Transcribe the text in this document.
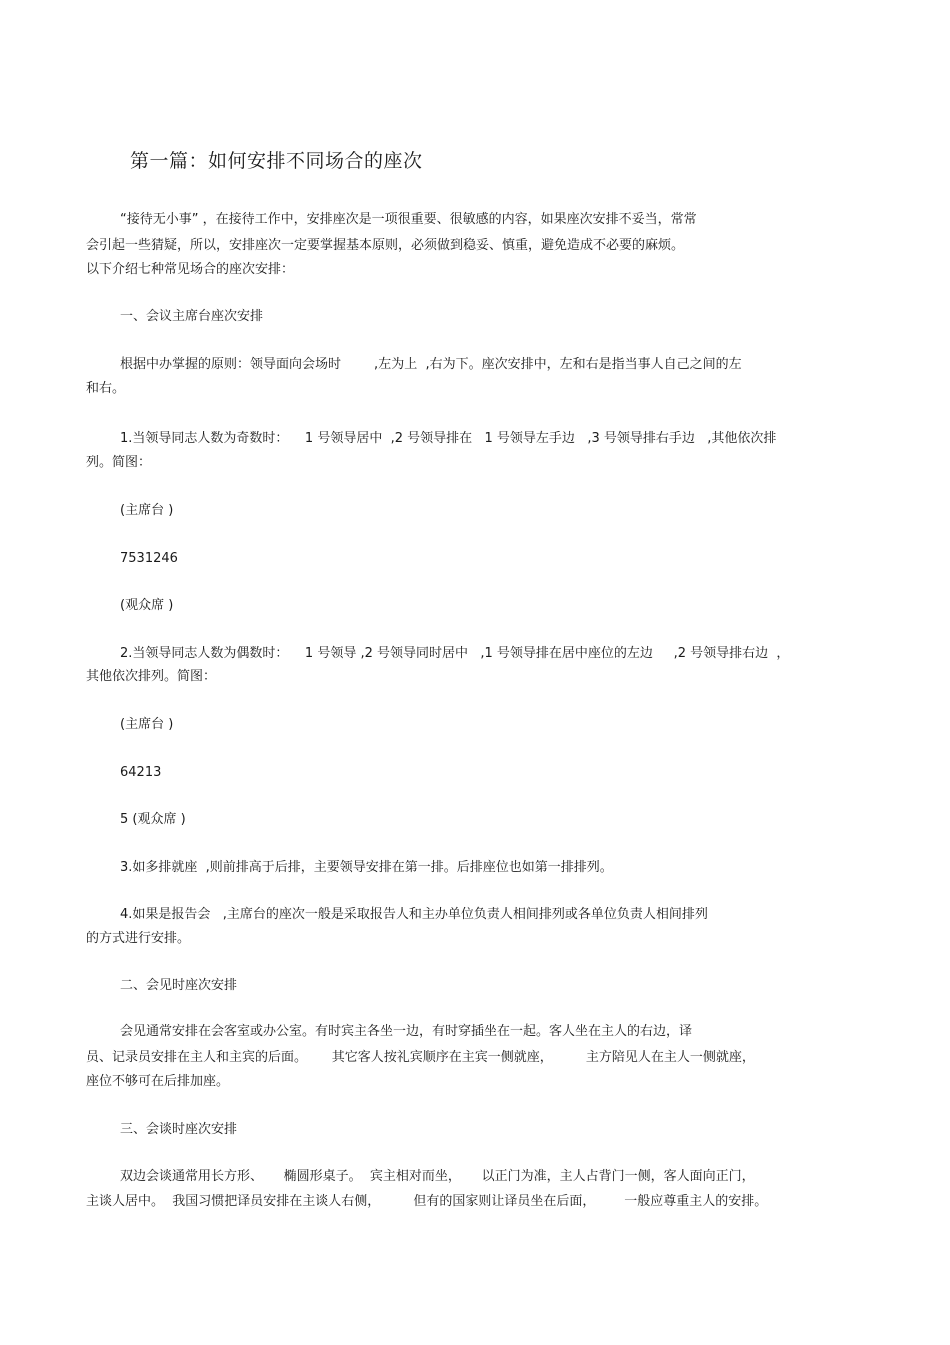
第一篇：如何安排不同场合的座次
“接待无小事” ，在接待工作中，安排座次是一项很重要、很敏感的内容，如果座次安排不妥当，常常
会引起一些猜疑，所以，安排座次一定要掌握基本原则，必须做到稳妥、慎重，避免造成不必要的麻烦。
以下介绍七种常见场合的座次安排：
一、会议主席台座次安排
根据中办掌握的原则：领导面向会场时        ,左为上  ,右为下。座次安排中，左和右是指当事人自己之间的左
和右。
1.当领导同志人数为奇数时：    1 号领导居中  ,2 号领导排在   1 号领导左手边   ,3 号领导排右手边   ,其他依次排
列。简图：
(主席台 )
7531246
(观众席 )
2.当领导同志人数为偶数时：    1 号领导 ,2 号领导同时居中   ,1 号领导排在居中座位的左边     ,2 号领导排右边  ，
其他依次排列。简图：
(主席台 )
64213
5 (观众席 )
3.如多排就座  ,则前排高于后排，主要领导安排在第一排。后排座位也如第一排排列。
4.如果是报告会   ,主席台的座次一般是采取报告人和主办单位负责人相间排列或各单位负责人相间排列
的方式进行安排。
二、会见时座次安排
会见通常安排在会客室或办公室。有时宾主各坐一边，有时穿插坐在一起。客人坐在主人的右边，译
员、记录员安排在主人和主宾的后面。      其它客人按礼宾顺序在主宾一侧就座，        主方陪见人在主人一侧就座，
座位不够可在后排加座。
三、会谈时座次安排
双边会谈通常用长方形、     椭圆形桌子。  宾主相对而坐，     以正门为准，主人占背门一侧，客人面向正门，
主谈人居中。  我国习惯把译员安排在主谈人右侧，        但有的国家则让译员坐在后面，       一般应尊重主人的安排。
